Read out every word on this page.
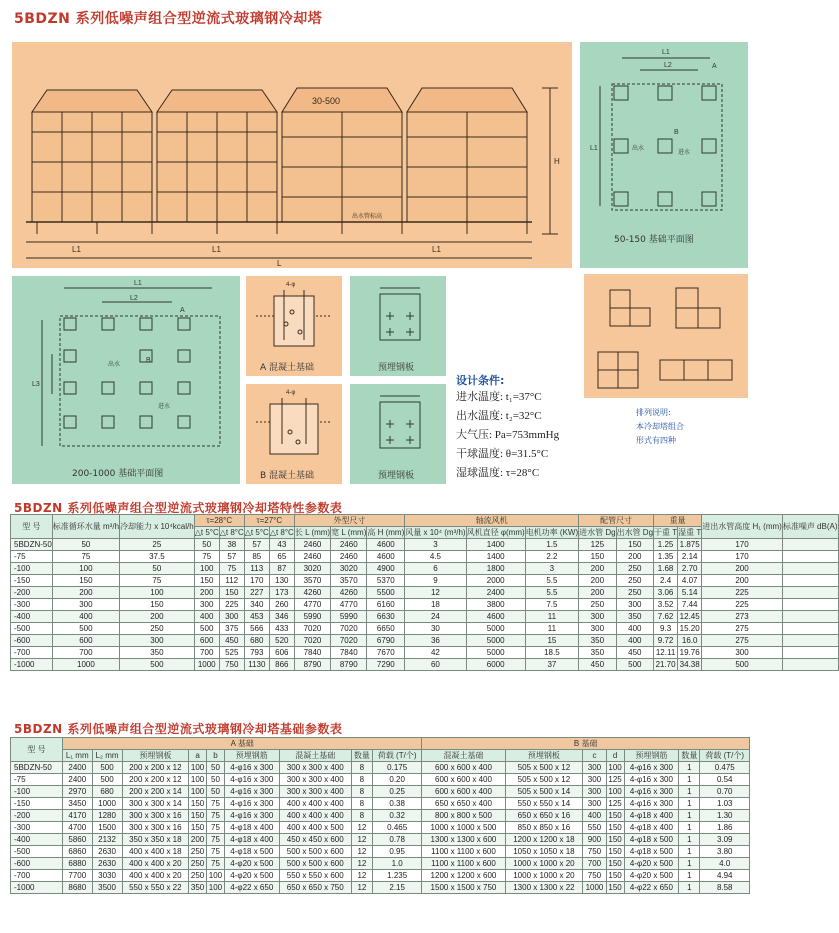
5BDZN 系列低噪声组合型逆流式玻璃钢冷却塔
30-500
L1	L1	L1
L
H
出水管标高
L1
L2	A
B
出水
进水
L1
50-150 基础平面图
L1
L2
L3
A
B
出水
进水
200-1000 基础平面图
4-φ
A 混凝土基础	预埋钢板
4-φ
B 混凝土基础	预埋钢板
设计条件:
进水温度: t₁=37°C
出水温度: t₂=32°C
大气压: Pa=753mmHg
干球温度: θ=31.5°C
湿球温度: τ=28°C
排列说明:
本冷却塔组合
形式有四种
5BDZN 系列低噪声组合型逆流式玻璃钢冷却塔特性参数表
型 号	标准循环水量 m³/h	冷却能力 x 10⁴kcal/h	τ=28°C		τ=27°C		外型尺寸			轴流风机			配管尺寸		重量		进出水管高度 H₁ (mm)	标准噪声 dB(A)
			△t 5°C	△t 8°C	△t 5°C	△t 8°C	长 L (mm)	宽 L (mm)	高 H (mm)	风量 x 10⁴ (m³/h)	风机直径 φ(mm)	电机功率 (KW)	进水管 Dg	出水管 Dg	干重 T	湿重 T		
5BDZN-50	50	25	50	38	57	43	2460	2460	4600	3	1400	1.5	125	150	1.25	1.875	170	
-75	75	37.5	75	57	85	65	2460	2460	4600	4.5	1400	2.2	150	200	1.35	2.14	170	
-100	100	50	100	75	113	87	3020	3020	4900	6	1800	3	200	250	1.68	2.70	200	
-150	150	75	150	112	170	130	3570	3570	5370	9	2000	5.5	200	250	2.4	4.07	200	
-200	200	100	200	150	227	173	4260	4260	5500	12	2400	5.5	200	250	3.06	5.14	225	
-300	300	150	300	225	340	260	4770	4770	6160	18	3800	7.5	250	300	3.52	7.44	225	
-400	400	200	400	300	453	346	5990	5990	6630	24	4600	11	300	350	7.62	12.45	273	
-500	500	250	500	375	566	433	7020	7020	6650	30	5000	11	300	400	9.3	15.20	275	
-600	600	300	600	450	680	520	7020	7020	6790	36	5000	15	350	400	9.72	16.0	275	
-700	700	350	700	525	793	606	7840	7840	7670	42	5000	18.5	350	450	12.11	19.76	300	
-1000	1000	500	1000	750	1130	866	8790	8790	7290	60	6000	37	450	500	21.70	34.38	500	
5BDZN 系列低噪声组合型逆流式玻璃钢冷却塔基础参数表
型 号	A 基础									B 基础						
	L₁ mm	L₂ mm	预埋钢板	a	b	预埋钢筋	混凝土基础	数量	荷载 (T/个)	混凝土基础	预埋钢板	c	d	预埋钢筋	数量	荷载 (T/个)
5BDZN-50	2400	500	200 x 200 x 12	100	50	4-φ16 x 300	300 x 300 x 400	8	0.175	600 x 600 x 400	505 x 500 x 12	300	100	4-φ16 x 300	1	0.475
-75	2400	500	200 x 200 x 12	100	50	4-φ16 x 300	300 x 300 x 400	8	0.20	600 x 600 x 400	505 x 500 x 12	300	125	4-φ16 x 300	1	0.54
-100	2970	680	200 x 200 x 14	100	50	4-φ16 x 300	300 x 300 x 400	8	0.25	600 x 600 x 400	505 x 500 x 14	300	100	4-φ16 x 300	1	0.70
-150	3450	1000	300 x 300 x 14	150	75	4-φ16 x 300	400 x 400 x 400	8	0.38	650 x 650 x 400	550 x 550 x 14	300	125	4-φ16 x 300	1	1.03
-200	4170	1280	300 x 300 x 16	150	75	4-φ16 x 300	400 x 400 x 400	8	0.32	800 x 800 x 500	650 x 650 x 16	400	150	4-φ18 x 400	1	1.30
-300	4700	1500	300 x 300 x 16	150	75	4-φ18 x 400	400 x 400 x 500	12	0.465	1000 x 1000 x 500	850 x 850 x 16	550	150	4-φ18 x 400	1	1.86
-400	5860	2132	350 x 350 x 18	200	75	4-φ18 x 400	450 x 450 x 600	12	0.78	1300 x 1300 x 600	1200 x 1200 x 18	900	150	4-φ18 x 500	1	3.09
-500	6860	2630	400 x 400 x 18	250	75	4-φ18 x 500	500 x 500 x 600	12	0.95	1100 x 1100 x 600	1050 x 1050 x 18	750	150	4-φ18 x 500	1	3.80
-600	6880	2630	400 x 400 x 20	250	75	4-φ20 x 500	500 x 500 x 600	12	1.0	1100 x 1100 x 600	1000 x 1000 x 20	700	150	4-φ20 x 500	1	4.0
-700	7700	3030	400 x 400 x 20	250	100	4-φ20 x 500	550 x 550 x 600	12	1.235	1200 x 1200 x 600	1000 x 1000 x 20	750	150	4-φ20 x 500	1	4.94
-1000	8680	3500	550 x 550 x 22	350	100	4-φ22 x 650	650 x 650 x 750	12	2.15	1500 x 1500 x 750	1300 x 1300 x 22	1000	150	4-φ22 x 650	1	8.58
